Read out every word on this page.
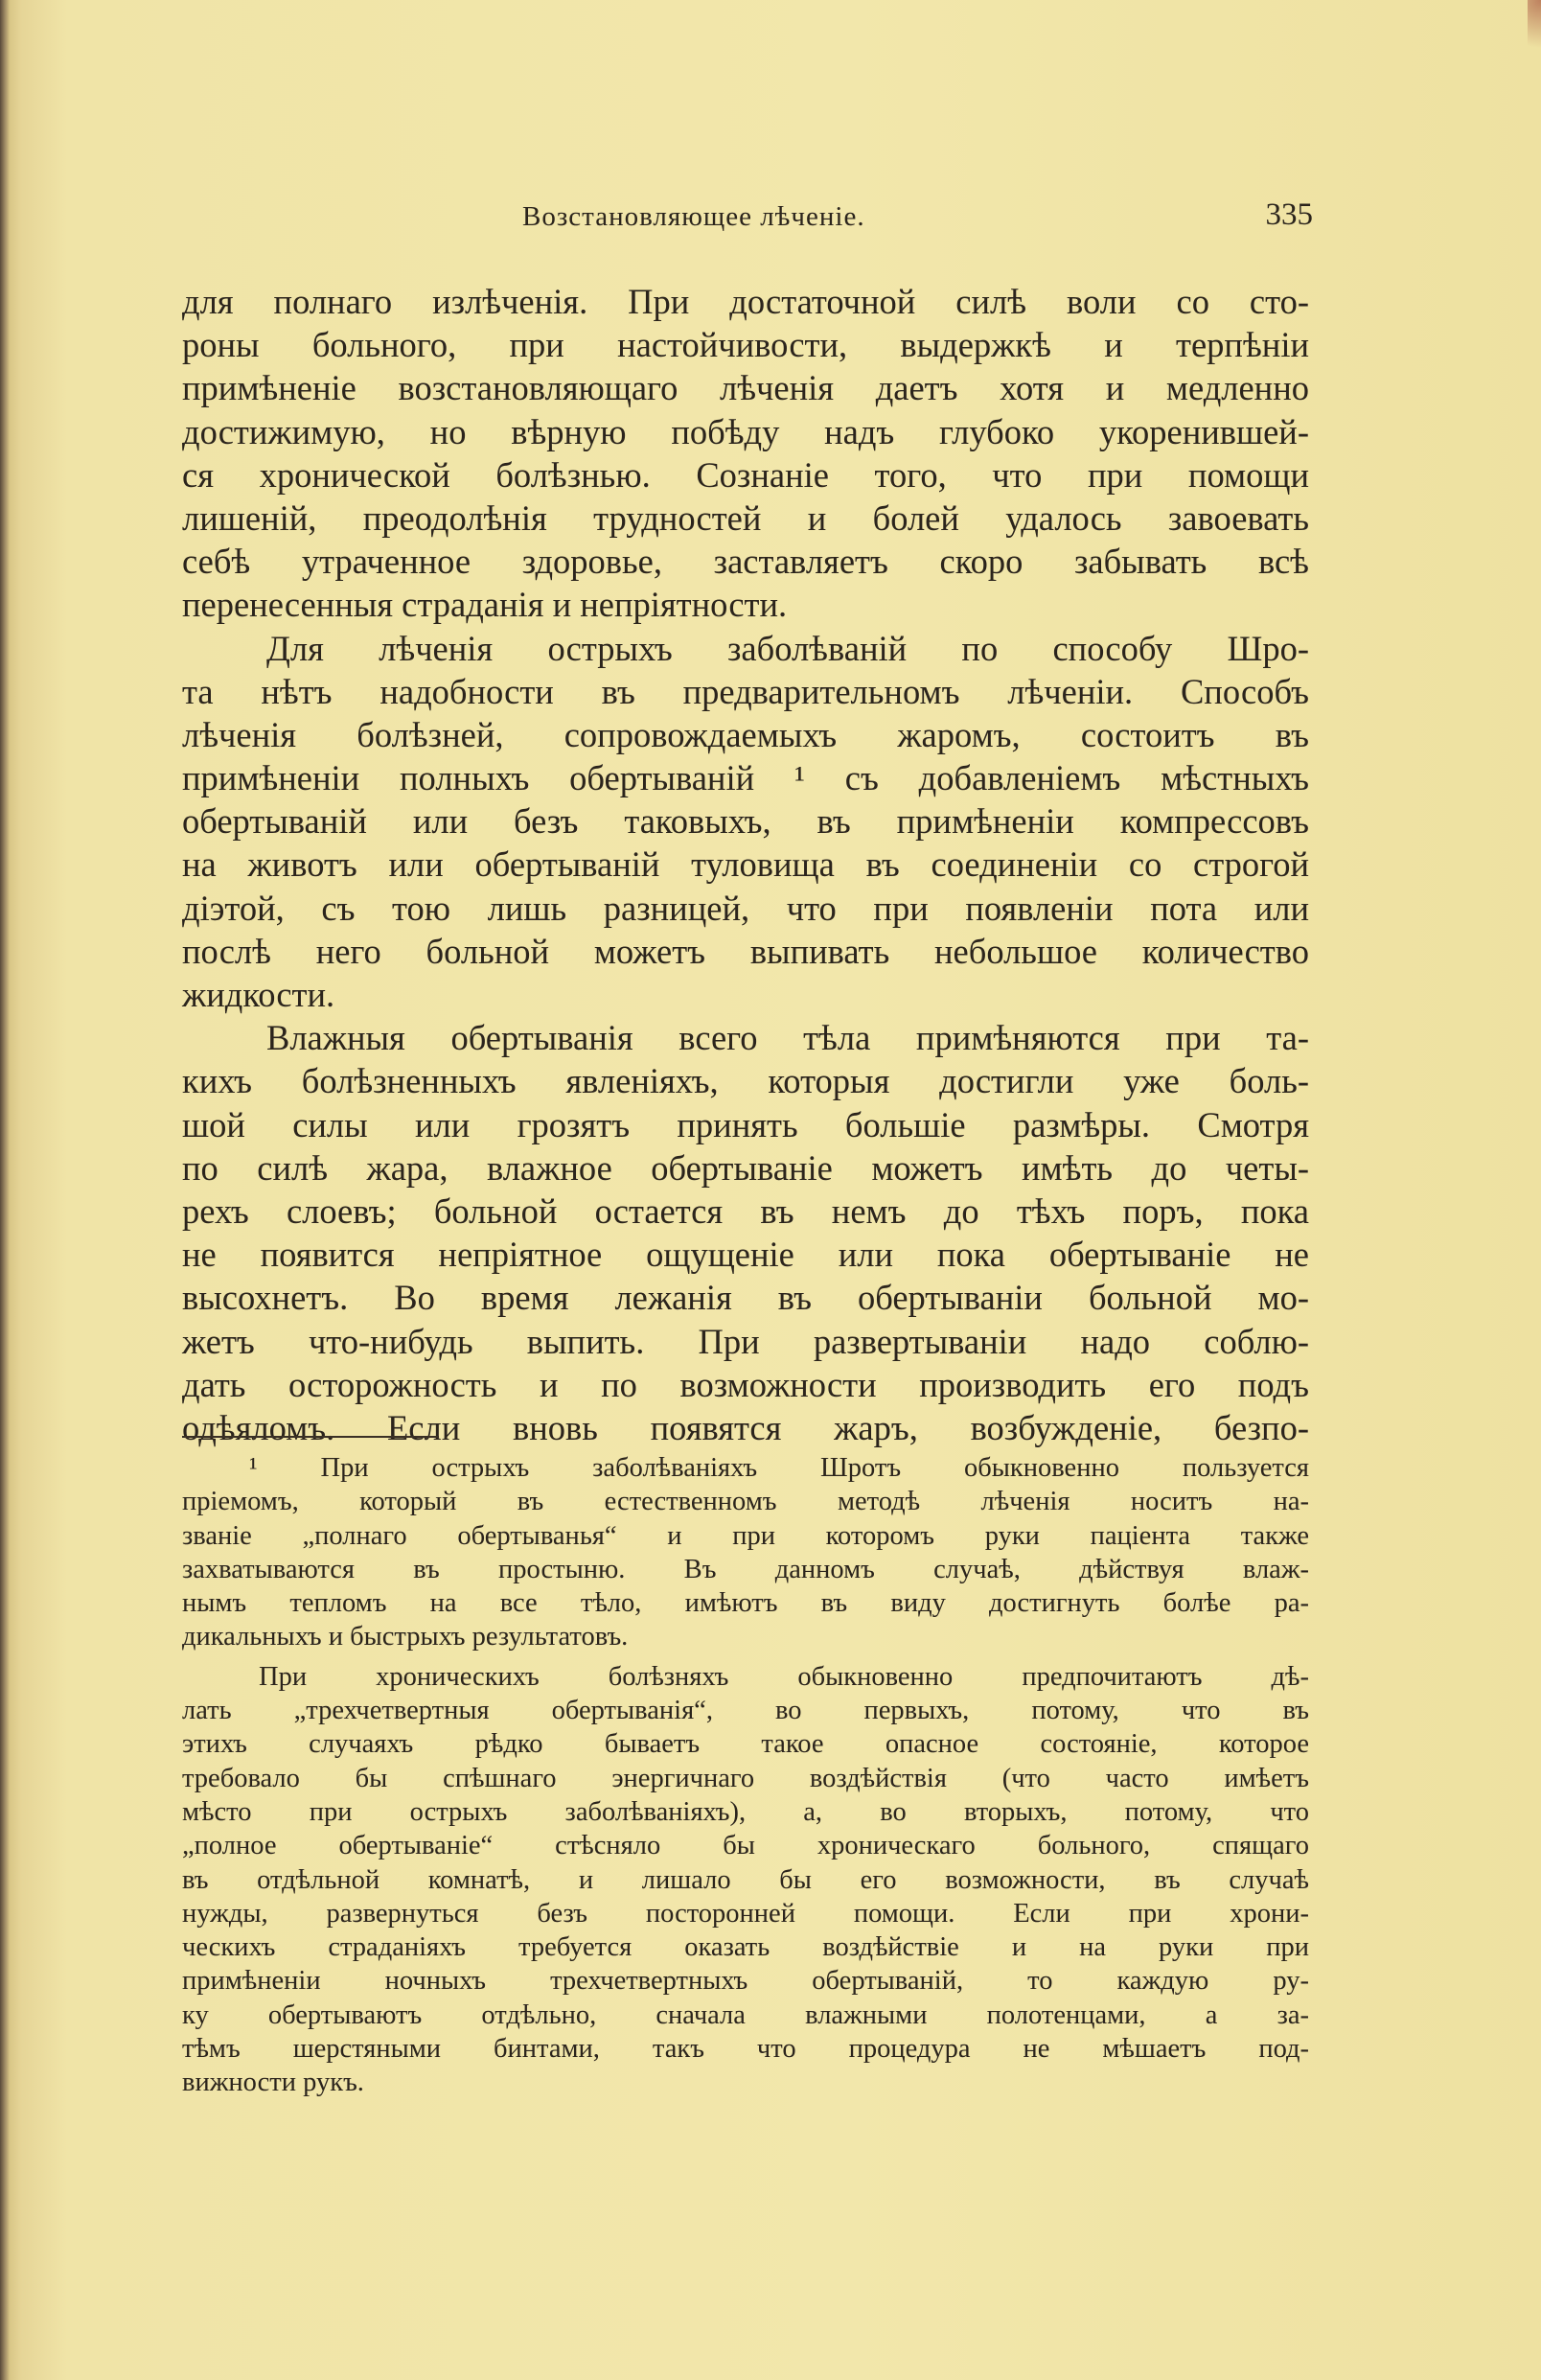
Возстановляющее лѣченіе.	335

для полнаго излѣченія. При достаточной силѣ воли со сто-
роны больного, при настойчивости, выдержкѣ и терпѣніи
примѣненіе возстановляющаго лѣченія даетъ хотя и медленно
достижимую, но вѣрную побѣду надъ глубоко укоренившей-
ся хронической болѣзнью. Сознаніе того, что при помощи
лишеній, преодолѣнія трудностей и болей удалось завоевать
себѣ утраченное здоровье, заставляетъ скоро забывать всѣ
перенесенныя страданія и непріятности.

Для лѣченія острыхъ заболѣваній по способу Шро-
та нѣтъ надобности въ предварительномъ лѣченіи. Способъ
лѣченія болѣзней, сопровождаемыхъ жаромъ, состоитъ въ
примѣненіи полныхъ обертываній ¹ съ добавленіемъ мѣстныхъ
обертываній или безъ таковыхъ, въ примѣненіи компрессовъ
на животъ или обертываній туловища въ соединеніи со строгой
діэтой, съ тою лишь разницей, что при появленіи пота или
послѣ него больной можетъ выпивать небольшое количество
жидкости.

Влажныя обертыванія всего тѣла примѣняются при та-
кихъ болѣзненныхъ явленіяхъ, которыя достигли уже боль-
шой силы или грозятъ принять большіе размѣры. Смотря
по силѣ жара, влажное обертываніе можетъ имѣть до четы-
рехъ слоевъ; больной остается въ немъ до тѣхъ поръ, пока
не появится непріятное ощущеніе или пока обертываніе не
высохнетъ. Во время лежанія въ обертываніи больной мо-
жетъ что-нибудь выпить. При развертываніи надо соблю-
дать осторожность и по возможности производить его подъ
одѣяломъ. Если вновь появятся жаръ, возбужденіе, безпо-

¹ При острыхъ заболѣваніяхъ Шротъ обыкновенно пользуется
пріемомъ, который въ естественномъ методѣ лѣченія носитъ на-
званіе „полнаго обертыванья“ и при которомъ руки паціента также
захватываются въ простыню. Въ данномъ случаѣ, дѣйствуя влаж-
нымъ тепломъ на все тѣло, имѣютъ въ виду достигнуть болѣе ра-
дикальныхъ и быстрыхъ результатовъ.

При хроническихъ болѣзняхъ обыкновенно предпочитаютъ дѣ-
лать „трехчетвертныя обертыванія“, во первыхъ, потому, что въ
этихъ случаяхъ рѣдко бываетъ такое опасное состояніе, которое
требовало бы спѣшнаго энергичнаго воздѣйствія (что часто имѣетъ
мѣсто при острыхъ заболѣваніяхъ), а, во вторыхъ, потому, что
„полное обертываніе“ стѣсняло бы хроническаго больного, спящаго
въ отдѣльной комнатѣ, и лишало бы его возможности, въ случаѣ
нужды, развернуться безъ посторонней помощи. Если при хрони-
ческихъ страданіяхъ требуется оказать воздѣйствіе и на руки при
примѣненіи ночныхъ трехчетвертныхъ обертываній, то каждую ру-
ку обертываютъ отдѣльно, сначала влажными полотенцами, а за-
тѣмъ шерстяными бинтами, такъ что процедура не мѣшаетъ под-
вижности рукъ.
